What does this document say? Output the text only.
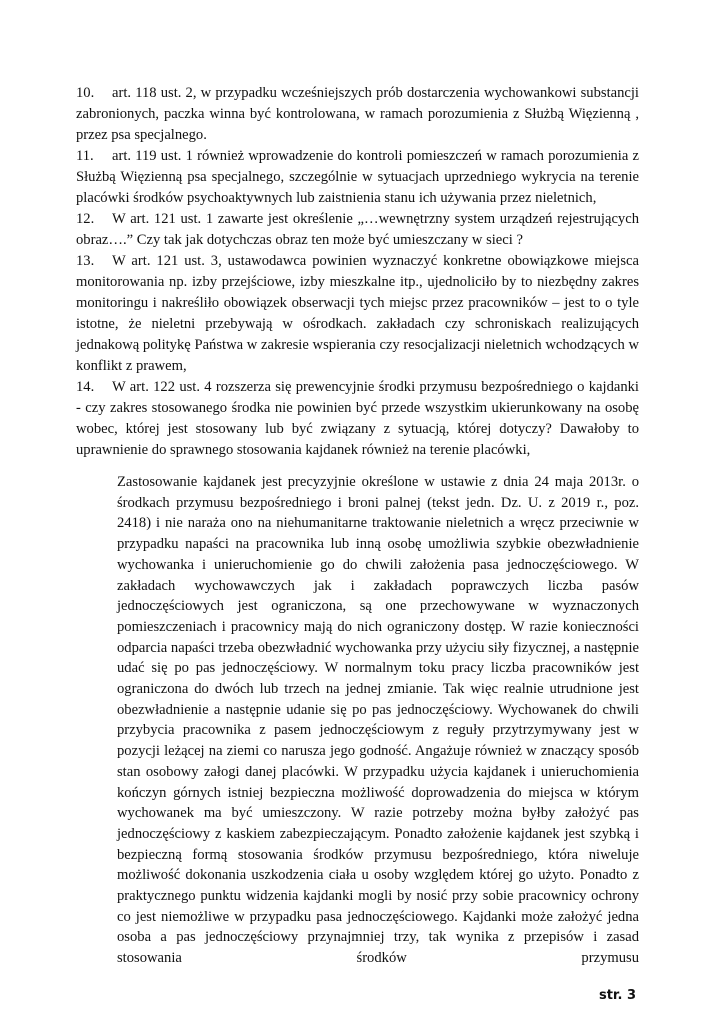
10. art. 118 ust. 2, w przypadku wcześniejszych prób dostarczenia wychowankowi substancji zabronionych, paczka winna być kontrolowana, w ramach porozumienia z Służbą Więzienną , przez psa specjalnego.

11. art. 119 ust. 1 również wprowadzenie do kontroli pomieszczeń w ramach porozumienia z Służbą Więzienną psa specjalnego, szczególnie w sytuacjach uprzedniego wykrycia na terenie placówki środków psychoaktywnych lub zaistnienia stanu ich używania przez nieletnich,

12. W art. 121 ust. 1 zawarte jest określenie „…wewnętrzny system urządzeń rejestrujących obraz….” Czy tak jak dotychczas obraz ten może być umieszczany w sieci ?

13. W art. 121 ust. 3, ustawodawca powinien wyznaczyć konkretne obowiązkowe miejsca monitorowania np. izby przejściowe, izby mieszkalne itp., ujednoliciło by to niezbędny zakres monitoringu i nakreśliło obowiązek obserwacji tych miejsc przez pracowników – jest to o tyle istotne, że nieletni przebywają w ośrodkach. zakładach czy schroniskach realizujących jednakową politykę Państwa w zakresie wspierania czy resocjalizacji nieletnich wchodzących w konflikt z prawem,

14. W art. 122 ust. 4 rozszerza się prewencyjnie środki przymusu bezpośredniego o kajdanki - czy zakres stosowanego środka nie powinien być przede wszystkim ukierunkowany na osobę wobec, której jest stosowany lub być związany z sytuacją, której dotyczy? Dawałoby to uprawnienie do sprawnego stosowania kajdanek również na terenie placówki,

Zastosowanie kajdanek jest precyzyjnie określone w ustawie z dnia 24 maja 2013r. o środkach przymusu bezpośredniego i broni palnej (tekst jedn. Dz. U. z 2019 r., poz. 2418) i nie naraża ono na niehumanitarne traktowanie nieletnich a wręcz przeciwnie w przypadku napaści na pracownika lub inną osobę umożliwia szybkie obezwładnienie wychowanka i unieruchomienie go do chwili założenia pasa jednoczęściowego. W zakładach wychowawczych jak i zakładach poprawczych liczba pasów jednoczęściowych jest ograniczona, są one przechowywane w wyznaczonych pomieszczeniach i pracownicy mają do nich ograniczony dostęp. W razie konieczności odparcia napaści trzeba obezwładnić wychowanka przy użyciu siły fizycznej, a następnie udać się po pas jednoczęściowy. W normalnym toku pracy liczba pracowników jest ograniczona do dwóch lub trzech na jednej zmianie. Tak więc realnie utrudnione jest obezwładnienie a następnie udanie się po pas jednoczęściowy. Wychowanek do chwili przybycia pracownika z pasem jednoczęściowym z reguły przytrzymywany jest w pozycji leżącej na ziemi co narusza jego godność. Angażuje również w znaczący sposób stan osobowy załogi danej placówki. W przypadku użycia kajdanek i unieruchomienia kończyn górnych istniej bezpieczna możliwość doprowadzenia do miejsca w którym wychowanek ma być umieszczony. W razie potrzeby można byłby założyć pas jednoczęściowy z kaskiem zabezpieczającym. Ponadto założenie kajdanek jest szybką i bezpieczną formą stosowania środków przymusu bezpośredniego, która niweluje możliwość dokonania uszkodzenia ciała u osoby względem której go użyto. Ponadto z praktycznego punktu widzenia kajdanki mogli by nosić przy sobie pracownicy ochrony co jest niemożliwe w przypadku pasa jednoczęściowego. Kajdanki może założyć jedna osoba a pas jednoczęściowy przynajmniej trzy, tak wynika z przepisów i zasad stosowania środków przymusu

str. 3
